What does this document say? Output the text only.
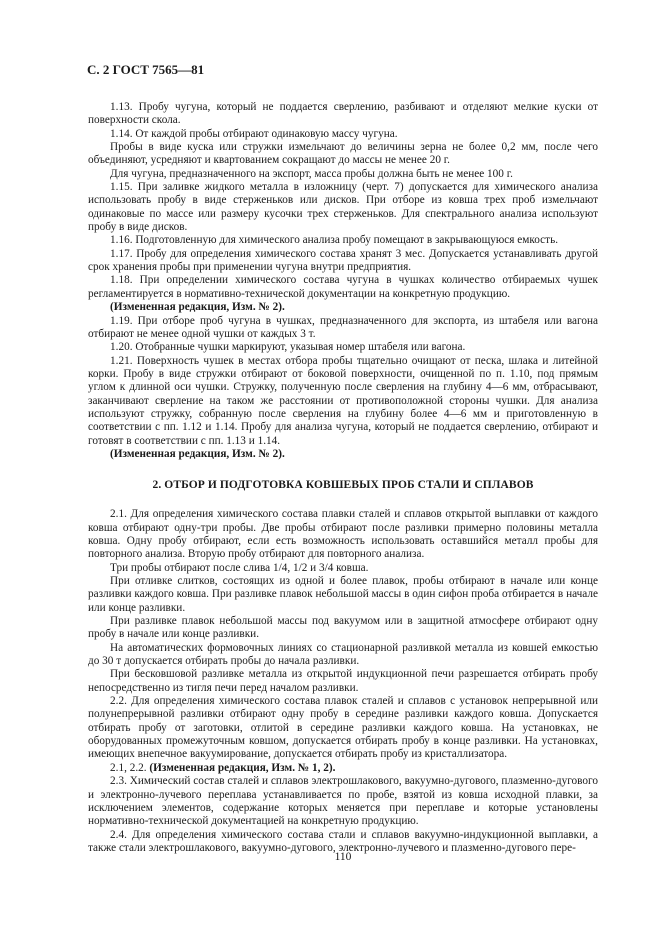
С. 2 ГОСТ 7565—81

1.13. Пробу чугуна, который не поддается сверлению, разбивают и отделяют мелкие куски от поверхности скола.

1.14. От каждой пробы отбирают одинаковую массу чугуна.

Пробы в виде куска или стружки измельчают до величины зерна не более 0,2 мм, после чего объединяют, усредняют и квартованием сокращают до массы не менее 20 г.

Для чугуна, предназначенного на экспорт, масса пробы должна быть не менее 100 г.

1.15. При заливке жидкого металла в изложницу (черт. 7) допускается для химического анализа использовать пробу в виде стерженьков или дисков. При отборе из ковша трех проб измельчают одинаковые по массе или размеру кусочки трех стерженьков. Для спектрального анализа используют пробу в виде дисков.

1.16. Подготовленную для химического анализа пробу помещают в закрывающуюся емкость.

1.17. Пробу для определения химического состава хранят 3 мес. Допускается устанавливать другой срок хранения пробы при применении чугуна внутри предприятия.

1.18. При определении химического состава чугуна в чушках количество отбираемых чушек регламентируется в нормативно-технической документации на конкретную продукцию.

(Измененная редакция, Изм. № 2).

1.19. При отборе проб чугуна в чушках, предназначенного для экспорта, из штабеля или вагона отбирают не менее одной чушки от каждых 3 т.

1.20. Отобранные чушки маркируют, указывая номер штабеля или вагона.

1.21. Поверхность чушек в местах отбора пробы тщательно очищают от песка, шлака и литейной корки. Пробу в виде стружки отбирают от боковой поверхности, очищенной по п. 1.10, под прямым углом к длинной оси чушки. Стружку, полученную после сверления на глубину 4—6 мм, отбрасывают, заканчивают сверление на таком же расстоянии от противоположной стороны чушки. Для анализа используют стружку, собранную после сверления на глубину более 4—6 мм и приготовленную в соответствии с пп. 1.12 и 1.14. Пробу для анализа чугуна, который не поддается сверлению, отбирают и готовят в соответствии с пп. 1.13 и 1.14.

(Измененная редакция, Изм. № 2).

2. ОТБОР И ПОДГОТОВКА КОВШЕВЫХ ПРОБ СТАЛИ И СПЛАВОВ

2.1. Для определения химического состава плавки сталей и сплавов открытой выплавки от каждого ковша отбирают одну-три пробы. Две пробы отбирают после разливки примерно половины металла ковша. Одну пробу отбирают, если есть возможность использовать оставшийся металл пробы для повторного анализа. Вторую пробу отбирают для повторного анализа.

Три пробы отбирают после слива 1/4, 1/2 и 3/4 ковша.

При отливке слитков, состоящих из одной и более плавок, пробы отбирают в начале или конце разливки каждого ковша. При разливке плавок небольшой массы в один сифон проба отбирается в начале или конце разливки.

При разливке плавок небольшой массы под вакуумом или в защитной атмосфере отбирают одну пробу в начале или конце разливки.

На автоматических формовочных линиях со стационарной разливкой металла из ковшей емкостью до 30 т допускается отбирать пробы до начала разливки.

При бесковшовой разливке металла из открытой индукционной печи разрешается отбирать пробу непосредственно из тигля печи перед началом разливки.

2.2. Для определения химического состава плавок сталей и сплавов с установок непрерывной или полунепрерывной разливки отбирают одну пробу в середине разливки каждого ковша. Допускается отбирать пробу от заготовки, отлитой в середине разливки каждого ковша. На установках, не оборудованных промежуточным ковшом, допускается отбирать пробу в конце разливки. На установках, имеющих внепечное вакуумирование, допускается отбирать пробу из кристаллизатора.

2.1, 2.2. (Измененная редакция, Изм. № 1, 2).

2.3. Химический состав сталей и сплавов электрошлакового, вакуумно-дугового, плазменно-дугового и электронно-лучевого переплава устанавливается по пробе, взятой из ковша исходной плавки, за исключением элементов, содержание которых меняется при переплаве и которые установлены нормативно-технической документацией на конкретную продукцию.

2.4. Для определения химического состава стали и сплавов вакуумно-индукционной выплавки, а также стали электрошлакового, вакуумно-дугового, электронно-лучевого и плазменно-дугового пере-

110
